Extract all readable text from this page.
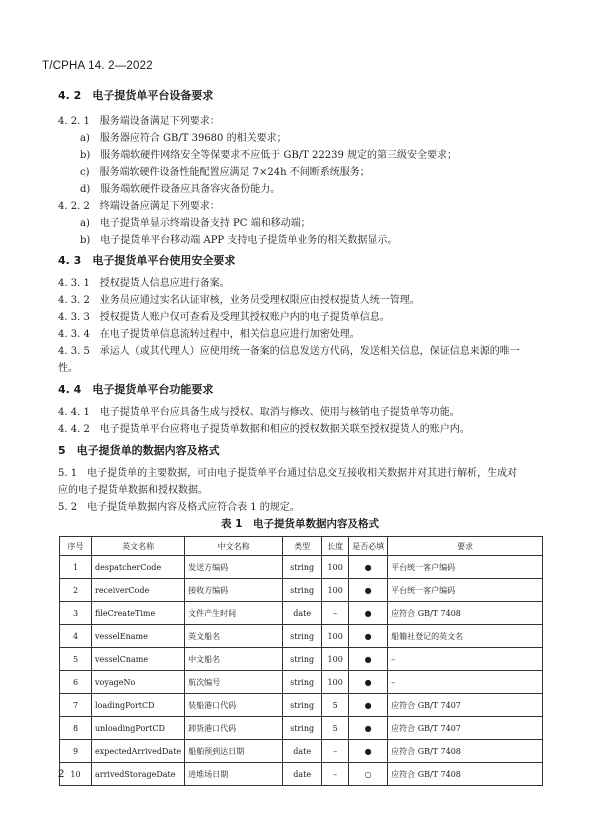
T/CPHA 14. 2—2022
4. 2　电子提货单平台设备要求
4. 2. 1　服务端设备满足下列要求：
a)　服务器应符合 GB/T 39680 的相关要求；
b)　服务端软硬件网络安全等保要求不应低于 GB/T 22239 规定的第三级安全要求；
c)　服务端软硬件设备性能配置应满足 7×24h 不间断系统服务；
d)　服务端软硬件设备应具备容灾备份能力。
4. 2. 2　终端设备应满足下列要求：
a)　电子提货单显示终端设备支持 PC 端和移动端；
b)　电子提货单平台移动端 APP 支持电子提货单业务的相关数据显示。
4. 3　电子提货单平台使用安全要求
4. 3. 1　授权提货人信息应进行备案。
4. 3. 2　业务员应通过实名认证审核，业务员受理权限应由授权提货人统一管理。
4. 3. 3　授权提货人账户仅可查看及受理其授权账户内的电子提货单信息。
4. 3. 4　在电子提货单信息流转过程中，相关信息应进行加密处理。
4. 3. 5　承运人（或其代理人）应使用统一备案的信息发送方代码，发送相关信息，保证信息来源的唯一
性。
4. 4　电子提货单平台功能要求
4. 4. 1　电子提货单平台应具备生成与授权、取消与修改、使用与核销电子提货单等功能。
4. 4. 2　电子提货单平台应将电子提货单数据和相应的授权数据关联至授权提货人的账户内。
5　电子提货单的数据内容及格式
5. 1　电子提货单的主要数据，可由电子提货单平台通过信息交互接收相关数据并对其进行解析，生成对
应的电子提货单数据和授权数据。
5. 2　电子提货单数据内容及格式应符合表 1 的规定。
表 1　电子提货单数据内容及格式
序号	英文名称	中文名称	类型	长度	是否必填	要求
1	despatcherCode	发送方编码	string	100	●	平台统一客户编码
2	receiverCode	接收方编码	string	100	●	平台统一客户编码
3	fileCreateTime	文件产生时间	date	–	●	应符合 GB/T 7408
4	vesselEname	英文船名	string	100	●	船籍社登记的英文名
5	vesselCname	中文船名	string	100	●	–
6	voyageNo	航次编号	string	100	●	–
7	loadingPortCD	装船港口代码	string	5	●	应符合 GB/T 7407
8	unloadingPortCD	卸货港口代码	string	5	●	应符合 GB/T 7407
9	expectedArrivedDate	船舶预到达日期	date	–	●	应符合 GB/T 7408
10	arrivedStorageDate	进堆场日期	date	–	○	应符合 GB/T 7408
2
